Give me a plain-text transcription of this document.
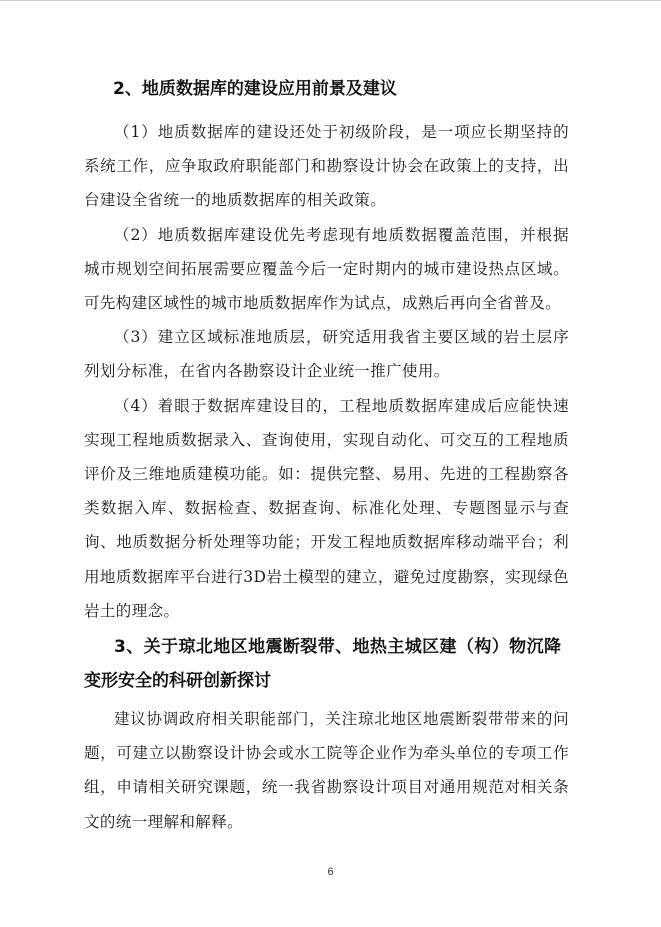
2、地质数据库的建设应用前景及建议

（1）地质数据库的建设还处于初级阶段，是一项应长期坚持的系统工作，应争取政府职能部门和勘察设计协会在政策上的支持，出台建设全省统一的地质数据库的相关政策。

（2）地质数据库建设优先考虑现有地质数据覆盖范围，并根据城市规划空间拓展需要应覆盖今后一定时期内的城市建设热点区域。可先构建区域性的城市地质数据库作为试点，成熟后再向全省普及。

（3）建立区域标准地质层，研究适用我省主要区域的岩土层序列划分标准，在省内各勘察设计企业统一推广使用。

（4）着眼于数据库建设目的，工程地质数据库建成后应能快速实现工程地质数据录入、查询使用，实现自动化、可交互的工程地质评价及三维地质建模功能。如：提供完整、易用、先进的工程勘察各类数据入库、数据检查、数据查询、标准化处理、专题图显示与查询、地质数据分析处理等功能；开发工程地质数据库移动端平台；利用地质数据库平台进行3D岩土模型的建立，避免过度勘察，实现绿色岩土的理念。

3、关于琼北地区地震断裂带、地热主城区建（构）物沉降变形安全的科研创新探讨

建议协调政府相关职能部门，关注琼北地区地震断裂带带来的问题，可建立以勘察设计协会或水工院等企业作为牵头单位的专项工作组，申请相关研究课题，统一我省勘察设计项目对通用规范对相关条文的统一理解和解释。

6
